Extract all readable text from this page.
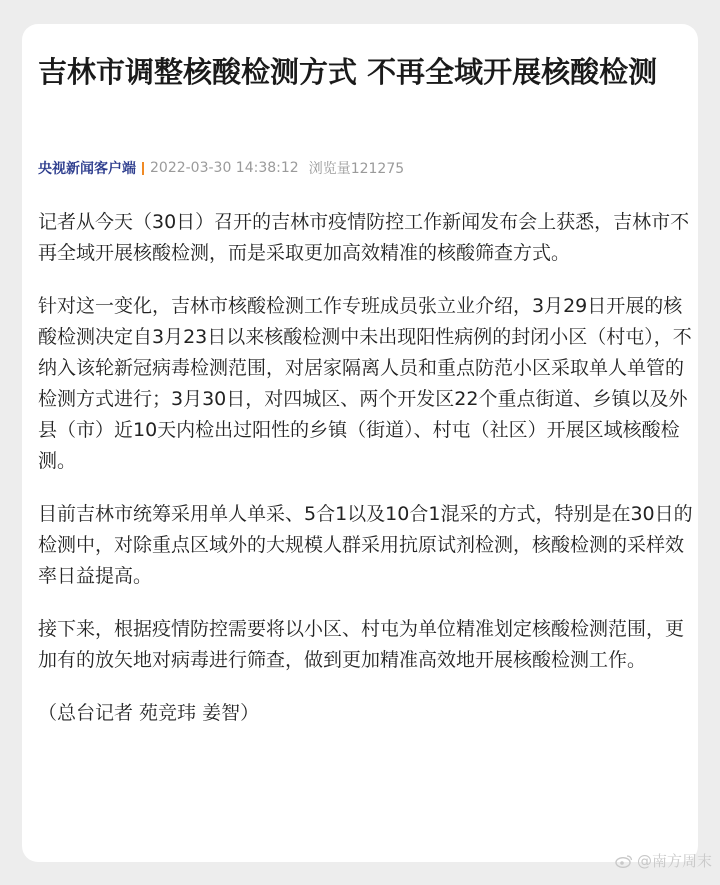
吉林市调整核酸检测方式 不再全域开展核酸检测
央视新闻客户端 2022-03-30 14:38:12 浏览量121275

记者从今天（30日）召开的吉林市疫情防控工作新闻发布会上获悉，吉林市不再全域开展核酸检测，而是采取更加高效精准的核酸筛查方式。

针对这一变化，吉林市核酸检测工作专班成员张立业介绍，3月29日开展的核酸检测决定自3月23日以来核酸检测中未出现阳性病例的封闭小区（村屯），不纳入该轮新冠病毒检测范围，对居家隔离人员和重点防范小区采取单人单管的检测方式进行；3月30日，对四城区、两个开发区22个重点街道、乡镇以及外县（市）近10天内检出过阳性的乡镇（街道）、村屯（社区）开展区域核酸检测。

目前吉林市统筹采用单人单采、5合1以及10合1混采的方式，特别是在30日的检测中，对除重点区域外的大规模人群采用抗原试剂检测，核酸检测的采样效率日益提高。

接下来，根据疫情防控需要将以小区、村屯为单位精准划定核酸检测范围，更加有的放矢地对病毒进行筛查，做到更加精准高效地开展核酸检测工作。

（总台记者 苑竞玮 姜智）

@南方周末
